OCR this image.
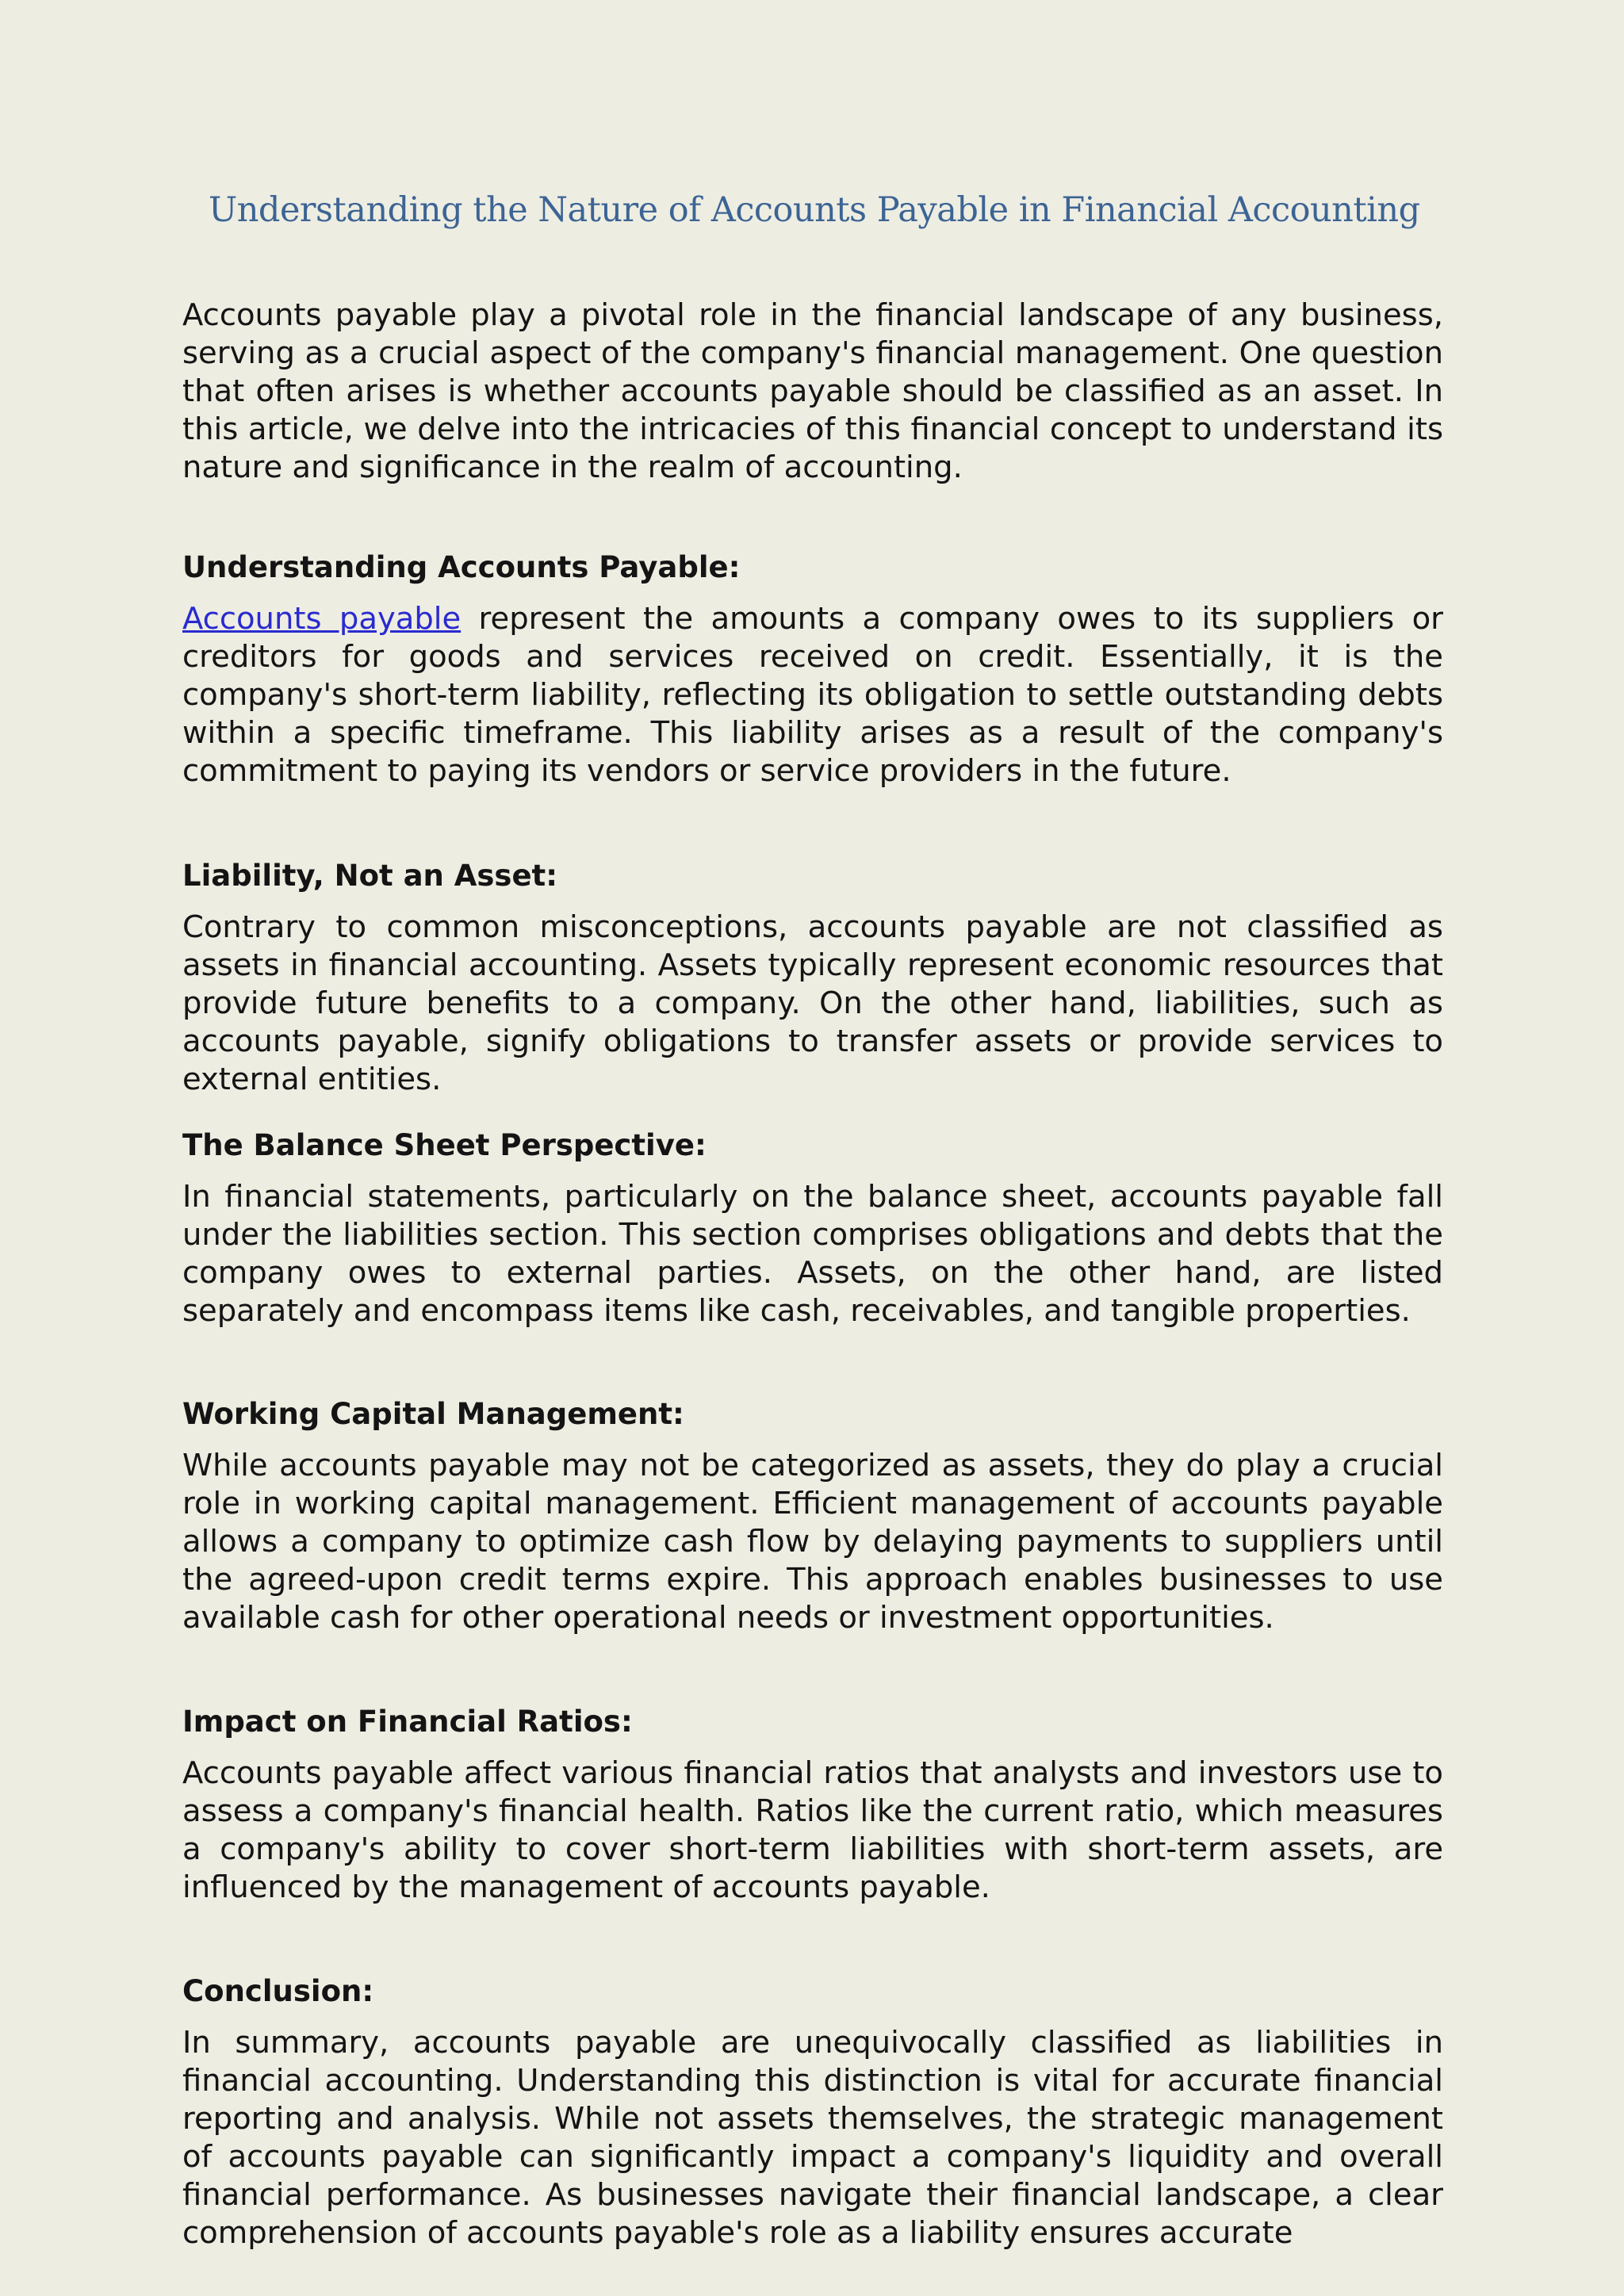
Understanding the Nature of Accounts Payable in Financial Accounting

Accounts payable play a pivotal role in the financial landscape of any business, serving as a crucial aspect of the company's financial management. One question that often arises is whether accounts payable should be classified as an asset. In this article, we delve into the intricacies of this financial concept to understand its nature and significance in the realm of accounting.

Understanding Accounts Payable:

Accounts payable represent the amounts a company owes to its suppliers or creditors for goods and services received on credit. Essentially, it is the company's short-term liability, reflecting its obligation to settle outstanding debts within a specific timeframe. This liability arises as a result of the company's commitment to paying its vendors or service providers in the future.

Liability, Not an Asset:

Contrary to common misconceptions, accounts payable are not classified as assets in financial accounting. Assets typically represent economic resources that provide future benefits to a company. On the other hand, liabilities, such as accounts payable, signify obligations to transfer assets or provide services to external entities.

The Balance Sheet Perspective:

In financial statements, particularly on the balance sheet, accounts payable fall under the liabilities section. This section comprises obligations and debts that the company owes to external parties. Assets, on the other hand, are listed separately and encompass items like cash, receivables, and tangible properties.

Working Capital Management:

While accounts payable may not be categorized as assets, they do play a crucial role in working capital management. Efficient management of accounts payable allows a company to optimize cash flow by delaying payments to suppliers until the agreed-upon credit terms expire. This approach enables businesses to use available cash for other operational needs or investment opportunities.

Impact on Financial Ratios:

Accounts payable affect various financial ratios that analysts and investors use to assess a company's financial health. Ratios like the current ratio, which measures a company's ability to cover short-term liabilities with short-term assets, are influenced by the management of accounts payable.

Conclusion:

In summary, accounts payable are unequivocally classified as liabilities in financial accounting. Understanding this distinction is vital for accurate financial reporting and analysis. While not assets themselves, the strategic management of accounts payable can significantly impact a company's liquidity and overall financial performance. As businesses navigate their financial landscape, a clear comprehension of accounts payable's role as a liability ensures accurate
